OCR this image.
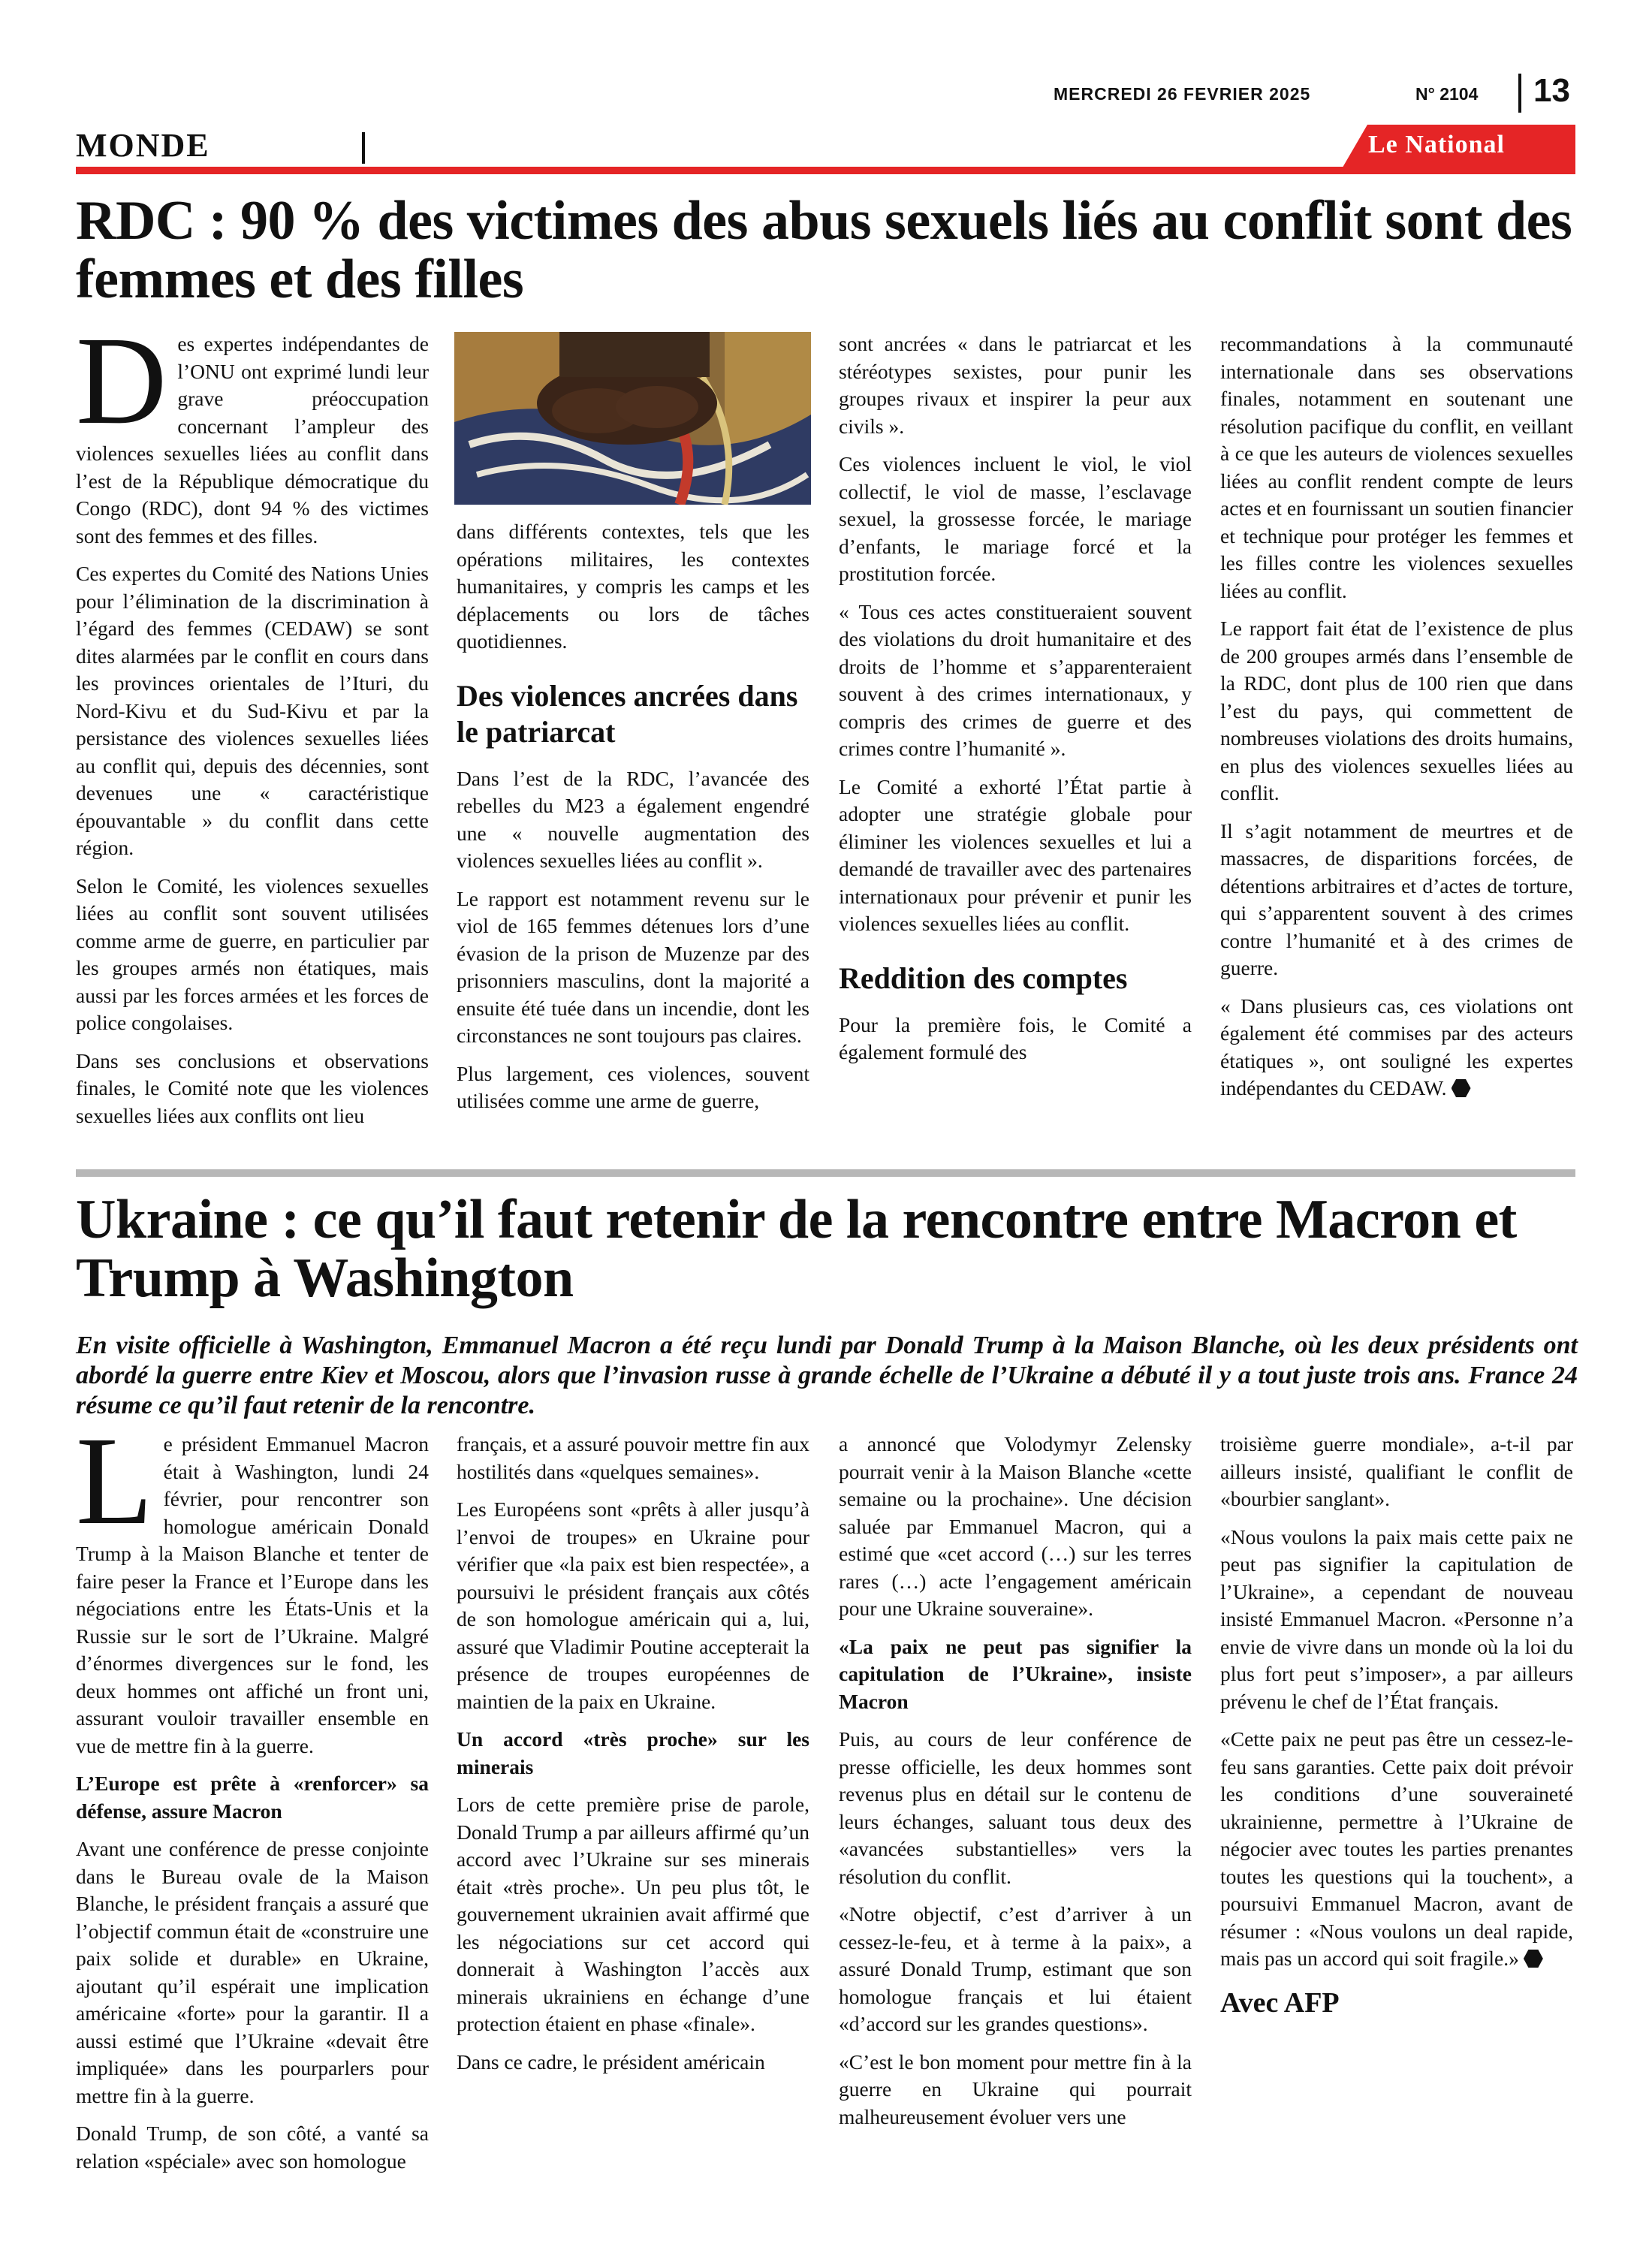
MERCREDI 26 FEVRIER 2025	N° 2104 13
MONDE	Le National
RDC : 90 % des victimes des abus sexuels liés au conflit sont des femmes et des filles
D es expertes indépendantes de l’ONU ont exprimé lundi leur grave préoccupation concernant l’ampleur des violences sexuelles liées au conflit dans l’est de la République démocratique du Congo (RDC), dont 94 % des victimes sont des femmes et des filles.

Ces expertes du Comité des Nations Unies pour l’élimination de la discrimination à l’égard des femmes (CEDAW) se sont dites alarmées par le conflit en cours dans les provinces orientales de l’Ituri, du Nord-Kivu et du Sud-Kivu et par la persistance des violences sexuelles liées au conflit qui, depuis des décennies, sont devenues une « caractéristique épouvantable » du conflit dans cette région.

Selon le Comité, les violences sexuelles liées au conflit sont souvent utilisées comme arme de guerre, en particulier par les groupes armés non étatiques, mais aussi par les forces armées et les forces de police congolaises.

Dans ses conclusions et observations finales, le Comité note que les violences sexuelles liées aux conflits ont lieu

dans différents contextes, tels que les opérations militaires, les contextes humanitaires, y compris les camps et les déplacements ou lors de tâches quotidiennes.

Des violences ancrées dans le patriarcat

Dans l’est de la RDC, l’avancée des rebelles du M23 a également engendré une « nouvelle augmentation des violences sexuelles liées au conflit ».

Le rapport est notamment revenu sur le viol de 165 femmes détenues lors d’une évasion de la prison de Muzenze par des prisonniers masculins, dont la majorité a ensuite été tuée dans un incendie, dont les circonstances ne sont toujours pas claires.

Plus largement, ces violences, souvent utilisées comme une arme de guerre,

sont ancrées « dans le patriarcat et les stéréotypes sexistes, pour punir les groupes rivaux et inspirer la peur aux civils ».

Ces violences incluent le viol, le viol collectif, le viol de masse, l’esclavage sexuel, la grossesse forcée, le mariage d’enfants, le mariage forcé et la prostitution forcée.

« Tous ces actes constitueraient souvent des violations du droit humanitaire et des droits de l’homme et s’apparenteraient souvent à des crimes internationaux, y compris des crimes de guerre et des crimes contre l’humanité ».

Le Comité a exhorté l’État partie à adopter une stratégie globale pour éliminer les violences sexuelles et lui a demandé de travailler avec des partenaires internationaux pour prévenir et punir les violences sexuelles liées au conflit.

Reddition des comptes

Pour la première fois, le Comité a également formulé des

recommandations à la communauté internationale dans ses observations finales, notamment en soutenant une résolution pacifique du conflit, en veillant à ce que les auteurs de violences sexuelles liées au conflit rendent compte de leurs actes et en fournissant un soutien financier et technique pour protéger les femmes et les filles contre les violences sexuelles liées au conflit.

Le rapport fait état de l’existence de plus de 200 groupes armés dans l’ensemble de la RDC, dont plus de 100 rien que dans l’est du pays, qui commettent de nombreuses violations des droits humains, en plus des violences sexuelles liées au conflit.

Il s’agit notamment de meurtres et de massacres, de disparitions forcées, de détentions arbitraires et d’actes de torture, qui s’apparentent souvent à des crimes contre l’humanité et à des crimes de guerre.

« Dans plusieurs cas, ces violations ont également été commises par des acteurs étatiques », ont souligné les expertes indépendantes du CEDAW.

Ukraine : ce qu’il faut retenir de la rencontre entre Macron et Trump à Washington

En visite officielle à Washington, Emmanuel Macron a été reçu lundi par Donald Trump à la Maison Blanche, où les deux présidents ont abordé la guerre entre Kiev et Moscou, alors que l’invasion russe à grande échelle de l’Ukraine a débuté il y a tout juste trois ans. France 24 résume ce qu’il faut retenir de la rencontre.

L e président Emmanuel Macron était à Washington, lundi 24 février, pour rencontrer son homologue américain Donald Trump à la Maison Blanche et tenter de faire peser la France et l’Europe dans les négociations entre les États-Unis et la Russie sur le sort de l’Ukraine. Malgré d’énormes divergences sur le fond, les deux hommes ont affiché un front uni, assurant vouloir travailler ensemble en vue de mettre fin à la guerre.

L’Europe est prête à «renforcer» sa défense, assure Macron

Avant une conférence de presse conjointe dans le Bureau ovale de la Maison Blanche, le président français a assuré que l’objectif commun était de «construire une paix solide et durable» en Ukraine, ajoutant qu’il espérait une implication américaine «forte» pour la garantir. Il a aussi estimé que l’Ukraine «devait être impliquée» dans les pourparlers pour mettre fin à la guerre.

Donald Trump, de son côté, a vanté sa relation «spéciale» avec son homologue

français, et a assuré pouvoir mettre fin aux hostilités dans «quelques semaines».

Les Européens sont «prêts à aller jusqu’à l’envoi de troupes» en Ukraine pour vérifier que «la paix est bien respectée», a poursuivi le président français aux côtés de son homologue américain qui a, lui, assuré que Vladimir Poutine accepterait la présence de troupes européennes de maintien de la paix en Ukraine.

Un accord «très proche» sur les minerais

Lors de cette première prise de parole, Donald Trump a par ailleurs affirmé qu’un accord avec l’Ukraine sur ses minerais était «très proche». Un peu plus tôt, le gouvernement ukrainien avait affirmé que les négociations sur cet accord qui donnerait à Washington l’accès aux minerais ukrainiens en échange d’une protection étaient en phase «finale».

Dans ce cadre, le président américain

a annoncé que Volodymyr Zelensky pourrait venir à la Maison Blanche «cette semaine ou la prochaine». Une décision saluée par Emmanuel Macron, qui a estimé que «cet accord (…) sur les terres rares (…) acte l’engagement américain pour une Ukraine souveraine».

«La paix ne peut pas signifier la capitulation de l’Ukraine», insiste Macron

Puis, au cours de leur conférence de presse officielle, les deux hommes sont revenus plus en détail sur le contenu de leurs échanges, saluant tous deux des «avancées substantielles» vers la résolution du conflit.

«Notre objectif, c’est d’arriver à un cessez-le-feu, et à terme à la paix», a assuré Donald Trump, estimant que son homologue français et lui étaient «d’accord sur les grandes questions».

«C’est le bon moment pour mettre fin à la guerre en Ukraine qui pourrait malheureusement évoluer vers une

troisième guerre mondiale», a-t-il par ailleurs insisté, qualifiant le conflit de «bourbier sanglant».

«Nous voulons la paix mais cette paix ne peut pas signifier la capitulation de l’Ukraine», a cependant de nouveau insisté Emmanuel Macron. «Personne n’a envie de vivre dans un monde où la loi du plus fort peut s’imposer», a par ailleurs prévenu le chef de l’État français.

«Cette paix ne peut pas être un cessez-le-feu sans garanties. Cette paix doit prévoir les conditions d’une souveraineté ukrainienne, permettre à l’Ukraine de négocier avec toutes les parties prenantes toutes les questions qui la touchent», a poursuivi Emmanuel Macron, avant de résumer : «Nous voulons un deal rapide, mais pas un accord qui soit fragile.»

Avec AFP
